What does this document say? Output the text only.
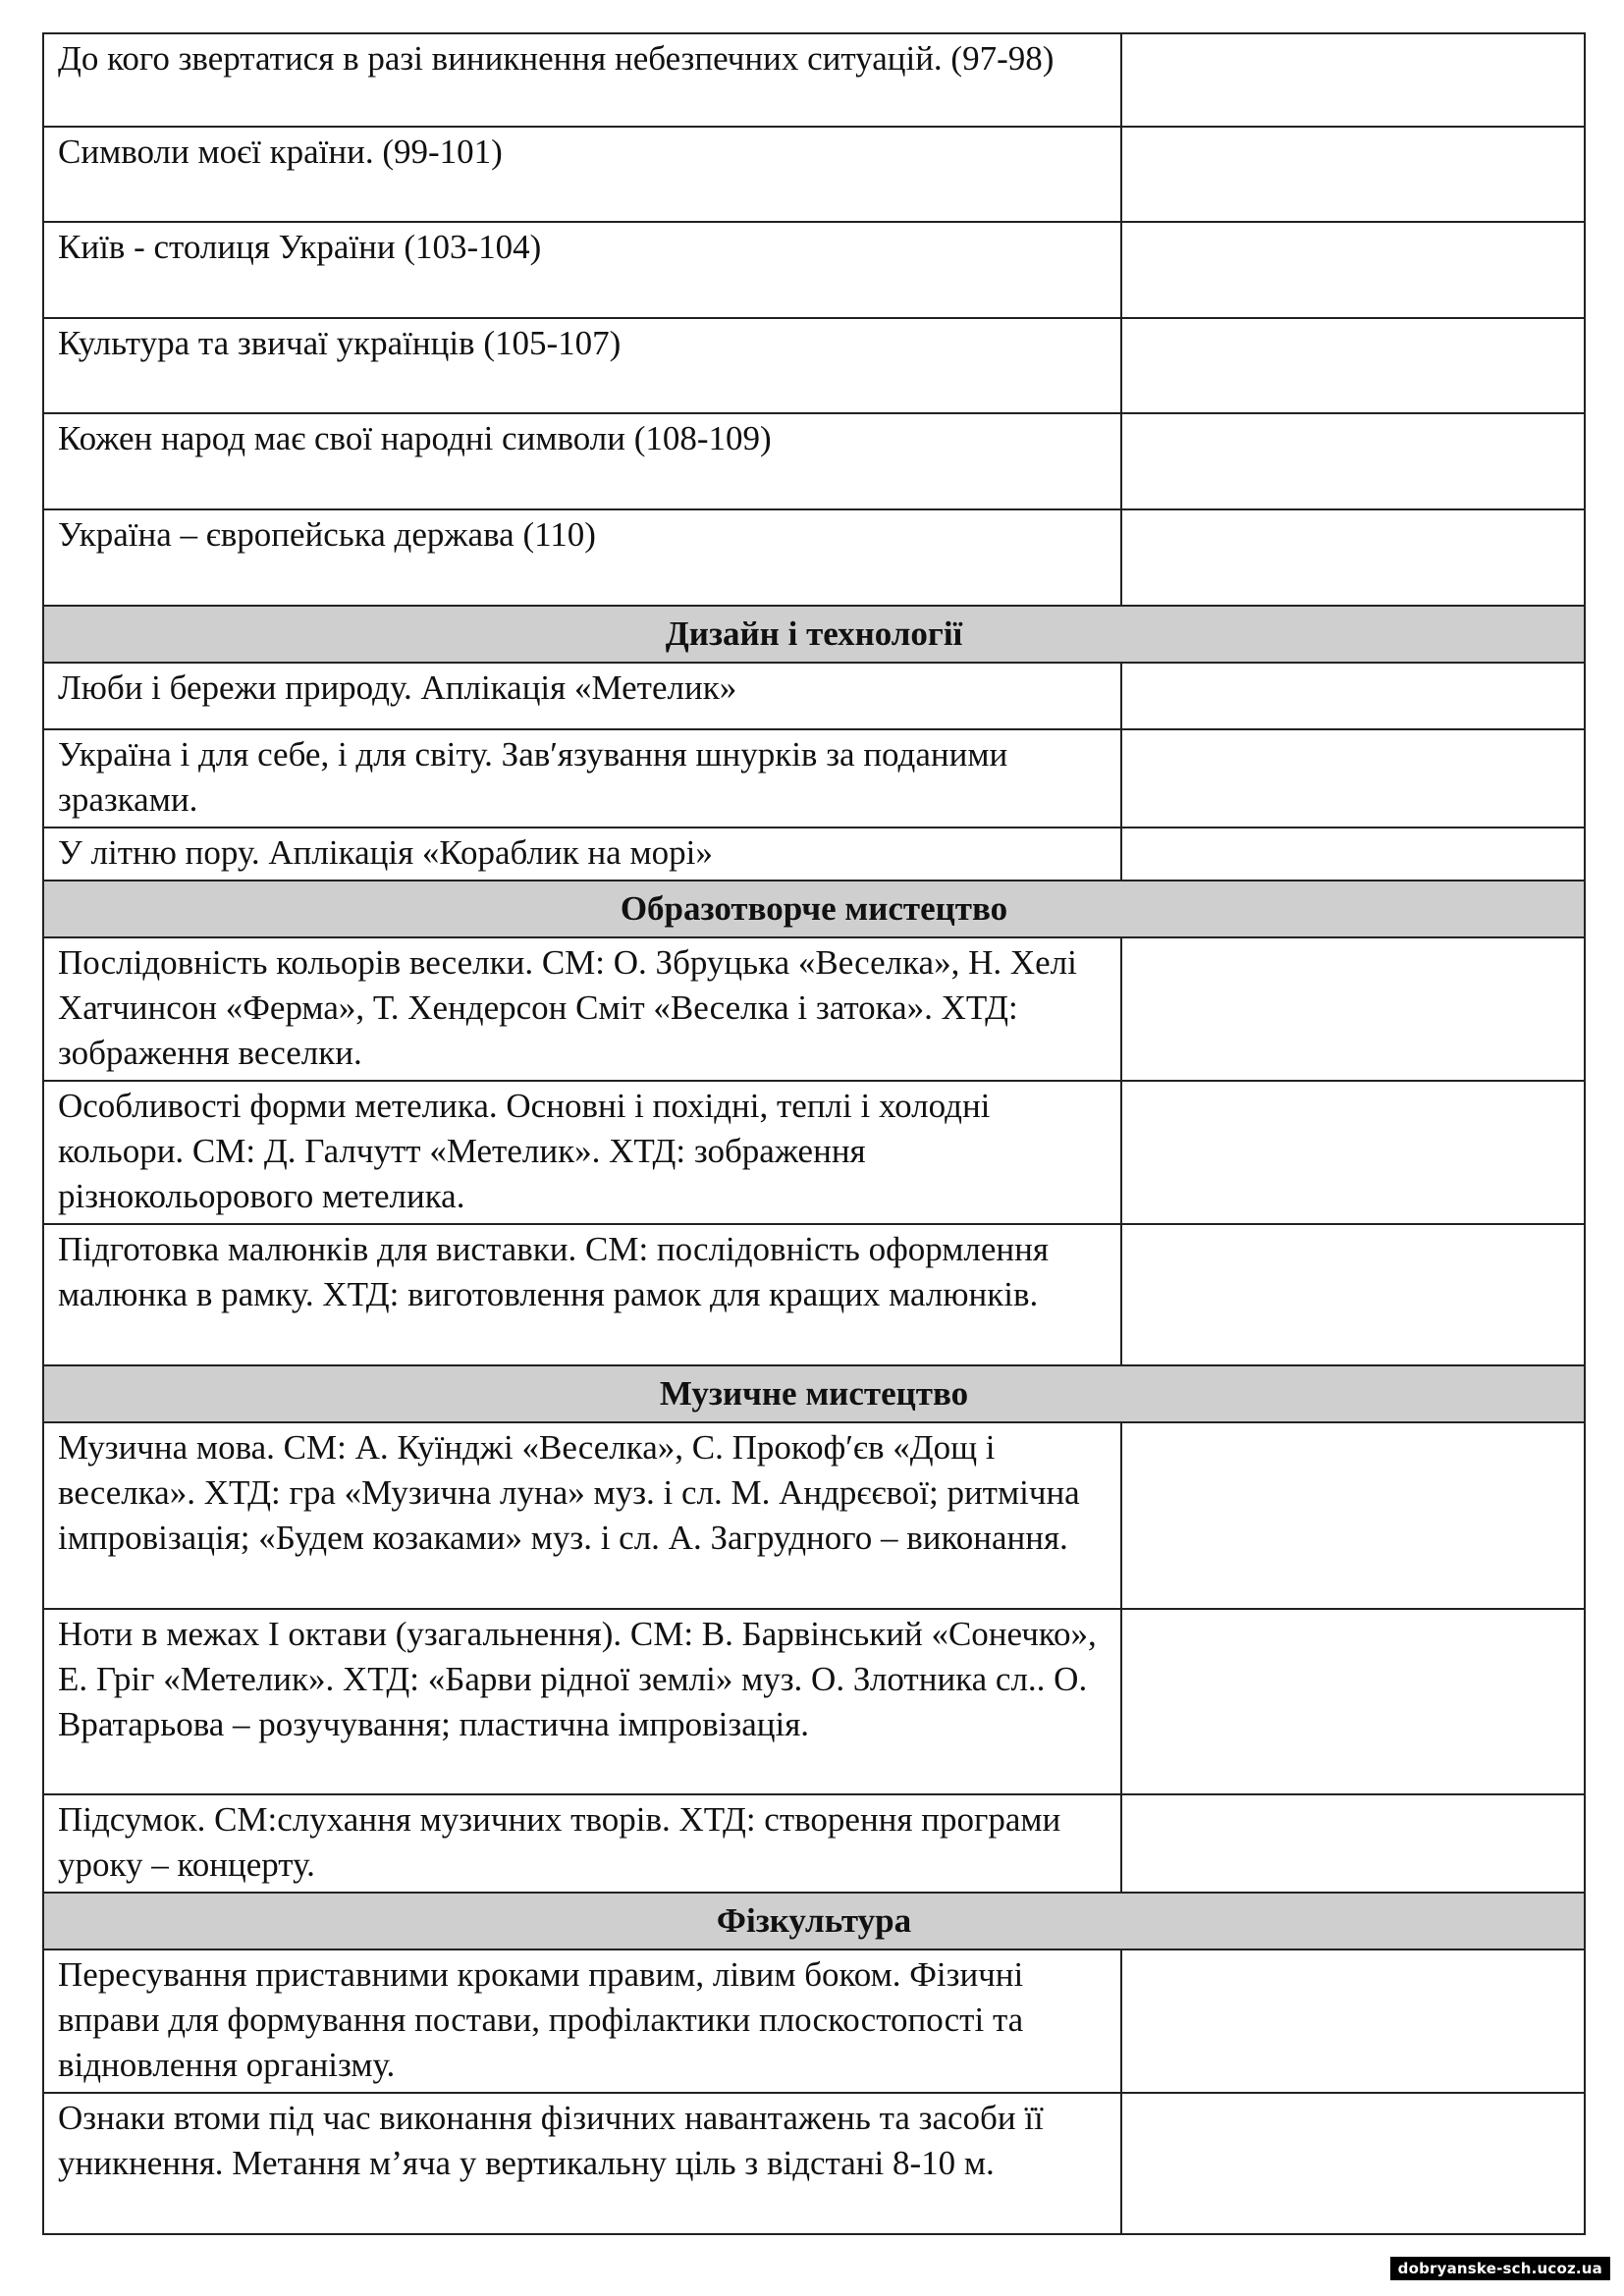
До кого звертатися в разі виникнення небезпечних ситуацій. (97-98)	
Символи моєї країни. (99-101)	
Київ - столиця України (103-104)	
Культура та звичаї українців (105-107)	
Кожен народ має свої народні символи (108-109)	
Україна – європейська держава (110)	
Дизайн і технології	
Люби і бережи природу. Аплікація «Метелик»	
Україна і для себе, і для світу. Зав′язування шнурків за поданими зразками.	
У літню пору. Аплікація «Кораблик на морі»	
Образотворче мистецтво	
Послідовність кольорів веселки. СМ: О. Збруцька «Веселка», Н. Хелі Хатчинсон «Ферма», Т. Хендерсон Сміт «Веселка і затока». ХТД: зображення веселки.	
Особливості форми метелика. Основні і похідні, теплі і холодні кольори. СМ: Д. Галчутт «Метелик». ХТД: зображення різнокольорового метелика.	
Підготовка малюнків для виставки. СМ: послідовність оформлення малюнка в рамку. ХТД: виготовлення рамок для кращих малюнків.	
Музичне мистецтво	
Музична мова. СМ: А. Куїнджі «Веселка», С. Прокоф′єв «Дощ і веселка». ХТД: гра «Музична луна» муз. і сл. М. Андрєєвої; ритмічна імпровізація; «Будем козаками» муз. і сл. А. Загрудного – виконання.	
Ноти в межах І октави (узагальнення). СМ: В. Барвінський «Сонечко», Е. Гріг «Метелик». ХТД: «Барви рідної землі» муз. О. Злотника сл.. О. Вратарьова – розучування; пластична імпровізація.	
Підсумок. СМ:слухання музичних творів. ХТД: створення програми уроку – концерту.	
Фізкультура	
Пересування приставними кроками правим, лівим боком. Фізичні вправи для формування постави, профілактики плоскостопості та відновлення організму.	
Ознаки втоми під час виконання фізичних навантажень та засоби її уникнення. Метання м’яча у вертикальну ціль з відстані 8-10 м.	
dobryanske-sch.ucoz.ua
